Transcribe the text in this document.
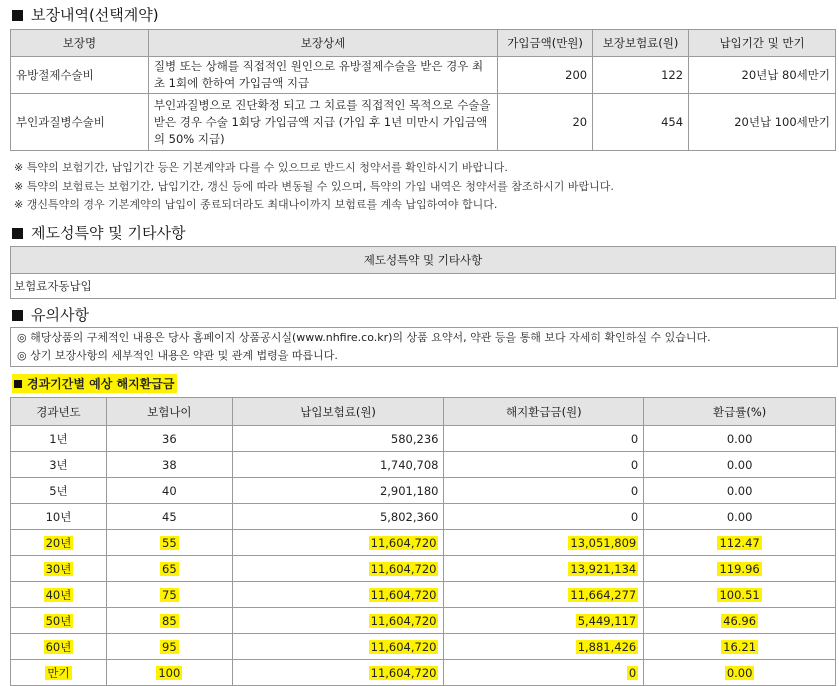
보장내역(선택계약)
보장명	보장상세	가입금액(만원)	보장보험료(원)	납입기간 및 만기
유방절제수술비	질병 또는 상해를 직접적인 원인으로 유방절제수술을 받은 경우 최초 1회에 한하여 가입금액 지급	200	122	20년납 80세만기
부인과질병수술비	부인과질병으로 진단확정 되고 그 치료를 직접적인 목적으로 수술을 받은 경우 수술 1회당 가입금액 지급 (가입 후 1년 미만시 가입금액의 50% 지급)	20	454	20년납 100세만기
※ 특약의 보험기간, 납입기간 등은 기본계약과 다를 수 있으므로 반드시 청약서를 확인하시기 바랍니다.
※ 특약의 보험료는 보험기간, 납입기간, 갱신 등에 따라 변동될 수 있으며, 특약의 가입 내역은 청약서를 참조하시기 바랍니다.
※ 갱신특약의 경우 기본계약의 납입이 종료되더라도 최대나이까지 보험료를 계속 납입하여야 합니다.
제도성특약 및 기타사항
제도성특약 및 기타사항
보험료자동납입
유의사항
◎ 해당상품의 구체적인 내용은 당사 홈페이지 상품공시실(www.nhfire.co.kr)의 상품 요약서, 약관 등을 통해 보다 자세히 확인하실 수 있습니다.
◎ 상기 보장사항의 세부적인 내용은 약관 및 관계 법령을 따릅니다.
경과기간별 예상 해지환급금
경과년도	보험나이	납입보험료(원)	해지환급금(원)	환급률(%)
1년	36	580,236	0	0.00
3년	38	1,740,708	0	0.00
5년	40	2,901,180	0	0.00
10년	45	5,802,360	0	0.00
20년	55	11,604,720	13,051,809	112.47
30년	65	11,604,720	13,921,134	119.96
40년	75	11,604,720	11,664,277	100.51
50년	85	11,604,720	5,449,117	46.96
60년	95	11,604,720	1,881,426	16.21
만기	100	11,604,720	0	0.00
